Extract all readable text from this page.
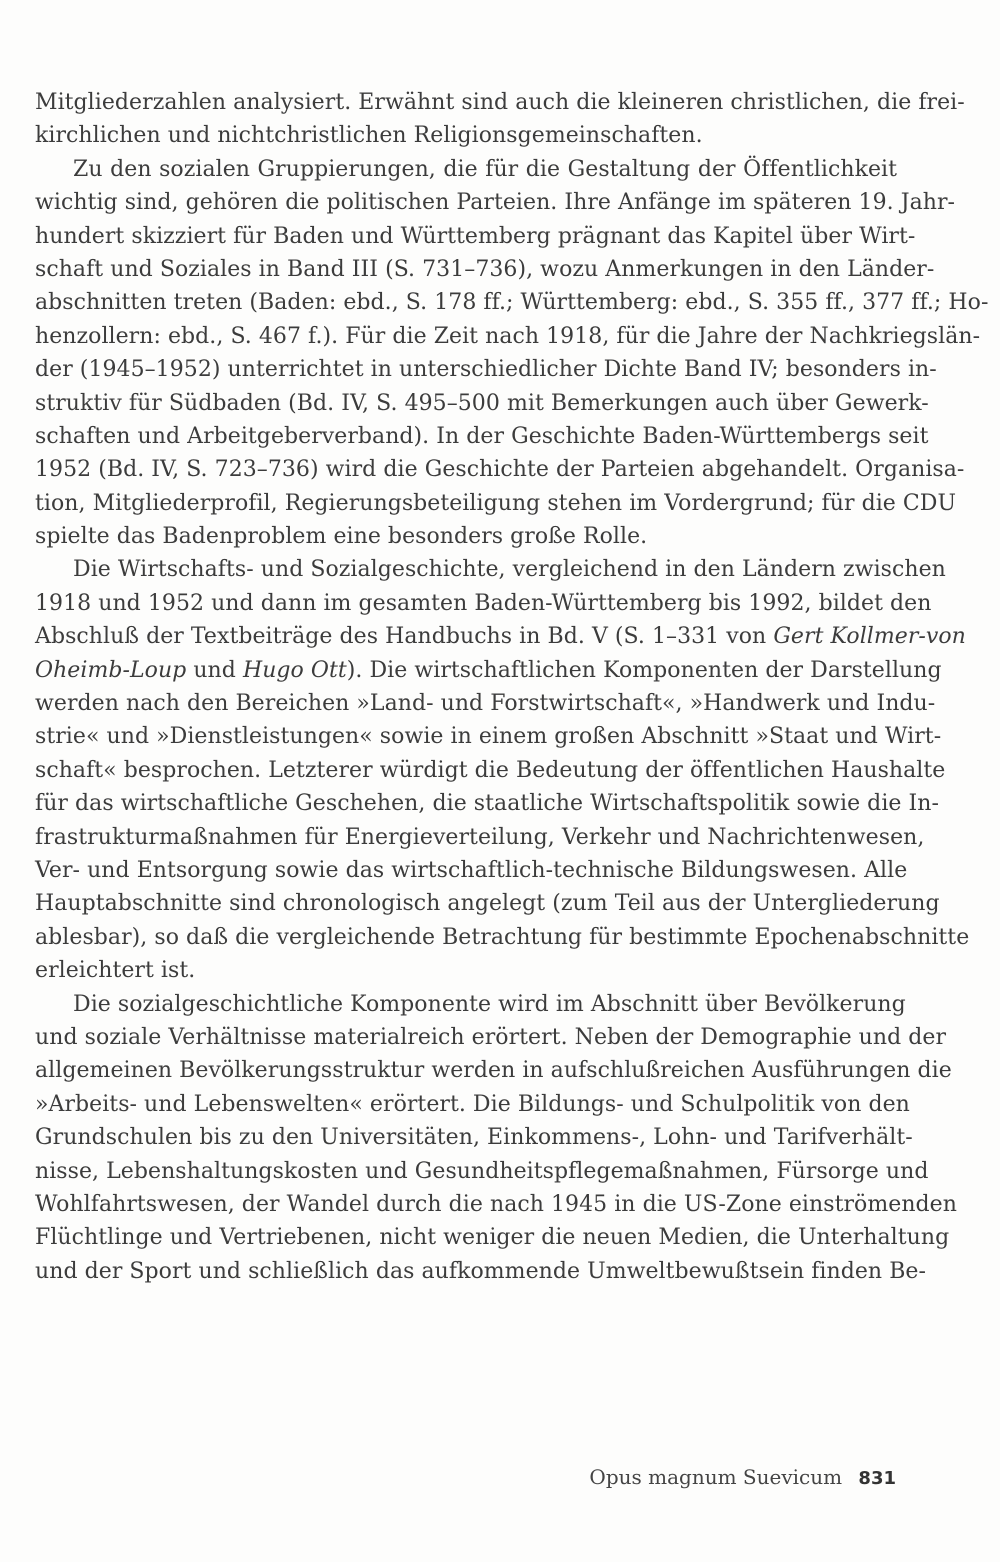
Mitgliederzahlen analysiert. Erwähnt sind auch die kleineren christlichen, die frei-
kirchlichen und nichtchristlichen Religionsgemeinschaften.
Zu den sozialen Gruppierungen, die für die Gestaltung der Öffentlichkeit
wichtig sind, gehören die politischen Parteien. Ihre Anfänge im späteren 19. Jahr-
hundert skizziert für Baden und Württemberg prägnant das Kapitel über Wirt-
schaft und Soziales in Band III (S. 731–736), wozu Anmerkungen in den Länder-
abschnitten treten (Baden: ebd., S. 178 ff.; Württemberg: ebd., S. 355 ff., 377 ff.; Ho-
henzollern: ebd., S. 467 f.). Für die Zeit nach 1918, für die Jahre der Nachkriegslän-
der (1945–1952) unterrichtet in unterschiedlicher Dichte Band IV; besonders in-
struktiv für Südbaden (Bd. IV, S. 495–500 mit Bemerkungen auch über Gewerk-
schaften und Arbeitgeberverband). In der Geschichte Baden-Württembergs seit
1952 (Bd. IV, S. 723–736) wird die Geschichte der Parteien abgehandelt. Organisa-
tion, Mitgliederprofil, Regierungsbeteiligung stehen im Vordergrund; für die CDU
spielte das Badenproblem eine besonders große Rolle.
Die Wirtschafts- und Sozialgeschichte, vergleichend in den Ländern zwischen
1918 und 1952 und dann im gesamten Baden-Württemberg bis 1992, bildet den
Abschluß der Textbeiträge des Handbuchs in Bd. V (S. 1–331 von Gert Kollmer-von
Oheimb-Loup und Hugo Ott). Die wirtschaftlichen Komponenten der Darstellung
werden nach den Bereichen »Land- und Forstwirtschaft«, »Handwerk und Indu-
strie« und »Dienstleistungen« sowie in einem großen Abschnitt »Staat und Wirt-
schaft« besprochen. Letzterer würdigt die Bedeutung der öffentlichen Haushalte
für das wirtschaftliche Geschehen, die staatliche Wirtschaftspolitik sowie die In-
frastrukturmaßnahmen für Energieverteilung, Verkehr und Nachrichtenwesen,
Ver- und Entsorgung sowie das wirtschaftlich-technische Bildungswesen. Alle
Hauptabschnitte sind chronologisch angelegt (zum Teil aus der Untergliederung
ablesbar), so daß die vergleichende Betrachtung für bestimmte Epochenabschnitte
erleichtert ist.
Die sozialgeschichtliche Komponente wird im Abschnitt über Bevölkerung
und soziale Verhältnisse materialreich erörtert. Neben der Demographie und der
allgemeinen Bevölkerungsstruktur werden in aufschlußreichen Ausführungen die
»Arbeits- und Lebenswelten« erörtert. Die Bildungs- und Schulpolitik von den
Grundschulen bis zu den Universitäten, Einkommens-, Lohn- und Tarifverhält-
nisse, Lebenshaltungskosten und Gesundheitspflegemaßnahmen, Fürsorge und
Wohlfahrtswesen, der Wandel durch die nach 1945 in die US-Zone einströmenden
Flüchtlinge und Vertriebenen, nicht weniger die neuen Medien, die Unterhaltung
und der Sport und schließlich das aufkommende Umweltbewußtsein finden Be-
Opus magnum Suevicum 831
